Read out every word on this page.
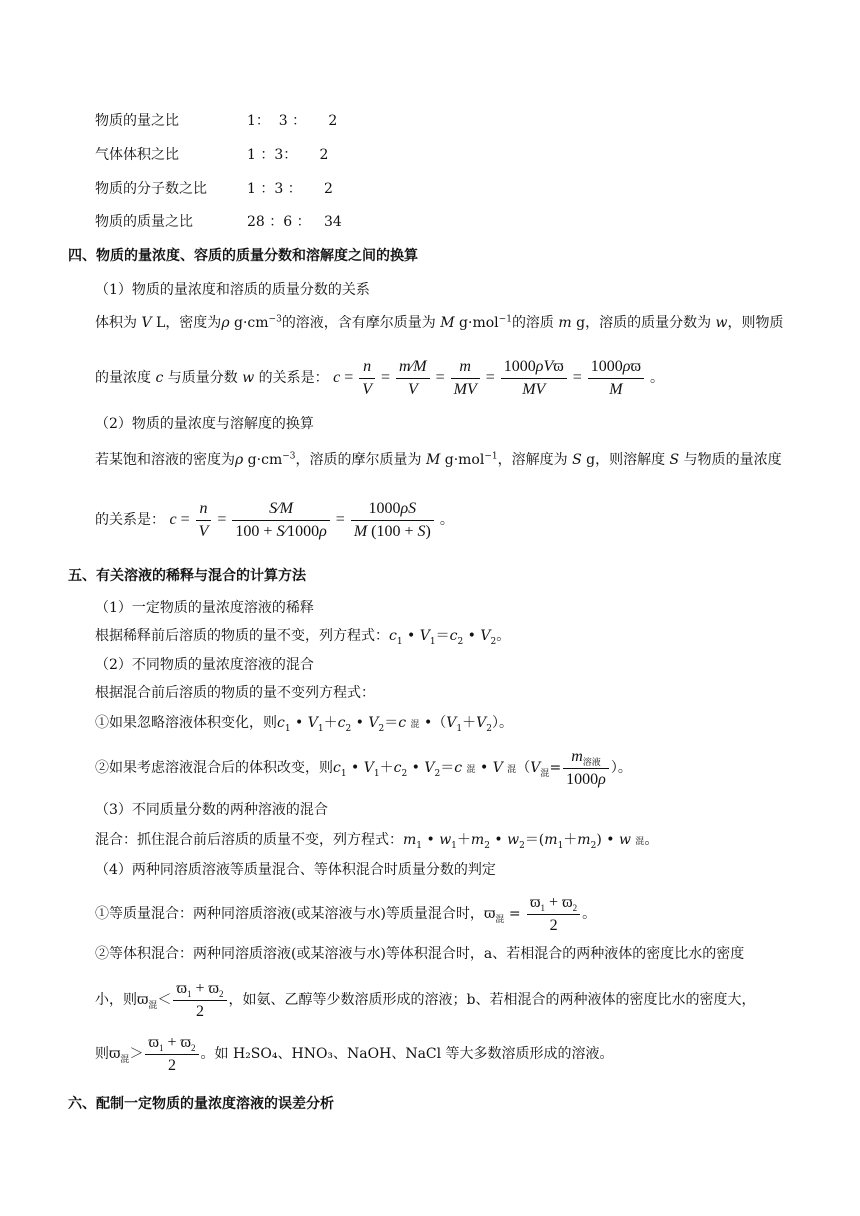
物质的量之比	1：  3 ：     2
气体体积之比	1 ：3：     2
物质的分子数之比	1 ：3 ：     2
物质的质量之比	28 ：6 ：   34
四、物质的量浓度、容质的质量分数和溶解度之间的换算
（1）物质的量浓度和溶质的质量分数的关系
体积为 V L，密度为ρ $g\cdot cm^{-3}$的溶液，含有摩尔质量为 M g·mol$^{-1}$的溶质 m g，溶质的质量分数为 w，则物质
的量浓度 c 与质量分数 w 的关系是： $c = \frac{n}{V} = \frac{m⁄M}{V} = \frac{m}{MV} = \frac{\text{1000ρVϖ}}{MV} = \frac{1000\rho ϖ}{M}$ 。
（2）物质的量浓度与溶解度的换算
若某饱和溶液的密度为ρ $g\cdot cm^{-3}$，溶质的摩尔质量为 M g·mol$^{-1}$，溶解度为 S g，则溶解度 S 与物质的量浓度
的关系是： $c = \frac{n}{V} = \frac{S⁄M}{100 + S⁄1000\rho} = \frac{1000\rho S}{M (100 + S)}$ 。
五、有关溶液的稀释与混合的计算方法
（1）一定物质的量浓度溶液的稀释
根据稀释前后溶质的物质的量不变，列方程式：$c_1$ • $V_1=c_2$ • $V_2$。
（2）不同物质的量浓度溶液的混合
根据混合前后溶质的物质的量不变列方程式：
①如果忽略溶液体积变化，则$c_1$ • $V_1+c_2$ • $V_2=c$ 混 $•(V_1+V_2)$。
②如果考虑溶液混合后的体积改变，则$c_1$ • $V_1+c_2$ • $V_2=c$ 混 • V 混（$V_混= \frac{m_{溶液}}{1000\rho}$ ）。
（3）不同质量分数的两种溶液的混合
混合：抓住混合前后溶质的质量不变，列方程式：$m_1$ • $w_1+m_2$ • $w_2=(m_1+m_2)$ • w 混。
（4）两种同溶质溶液等质量混合、等体积混合时质量分数的判定
①等质量混合：两种同溶质溶液(或某溶液与水)等质量混合时，$ϖ_混 = \frac{ϖ_1 + ϖ_2}{2}$ 。
②等体积混合：两种同溶质溶液(或某溶液与水)等体积混合时，a、若相混合的两种液体的密度比水的密度
小，则$ϖ_混< \frac{ϖ_1 + ϖ_2}{2}$ ，如氨、乙醇等少数溶质形成的溶液；b、若相混合的两种液体的密度比水的密度大，
则$ϖ_混> \frac{ϖ_1 + ϖ_2}{2}$ 。如 H₂SO₄、HNO₃、NaOH、NaCl 等大多数溶质形成的溶液。
六、配制一定物质的量浓度溶液的误差分析
